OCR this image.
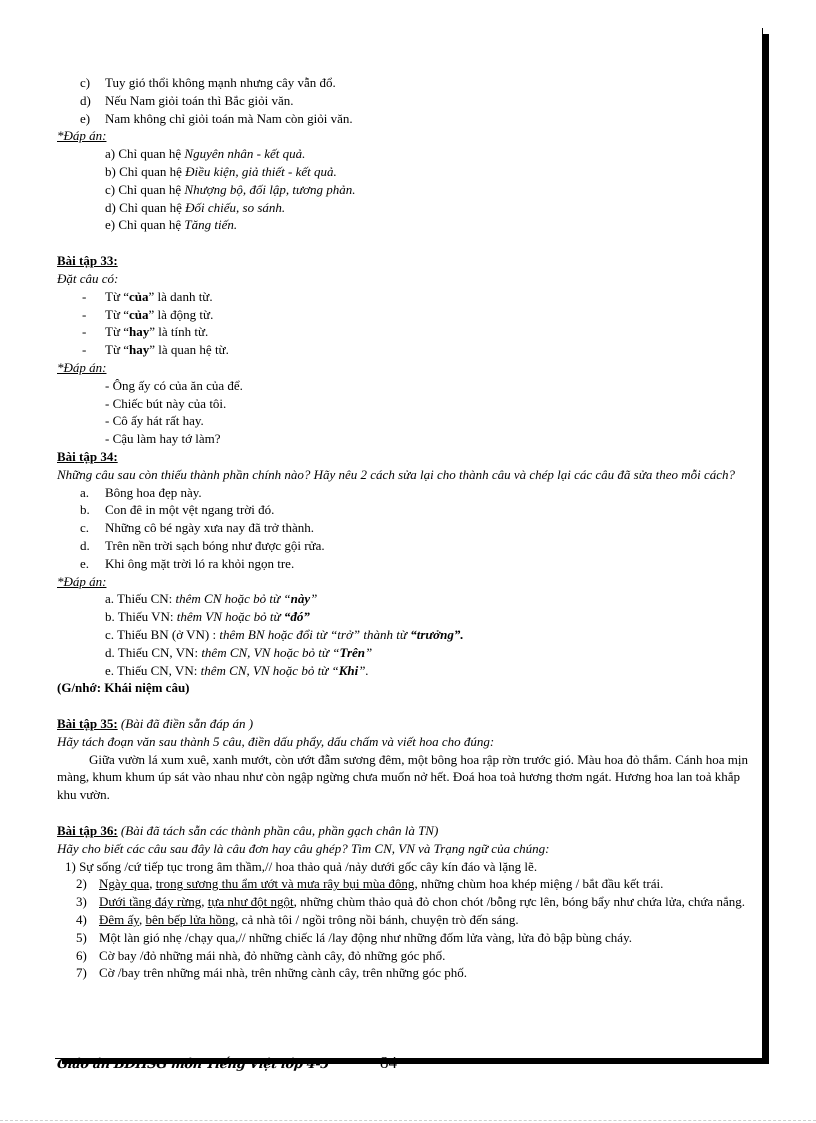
c) Tuy gió thổi không mạnh nhưng cây vẫn đổ.
d) Nếu Nam giỏi toán thì Bắc giỏi văn.
e) Nam không chỉ giỏi toán mà Nam còn giỏi văn.
*Đáp án:
a) Chỉ quan hệ Nguyên nhân - kết quả.
b) Chỉ quan hệ Điều kiện, giả thiết - kết quả.
c) Chỉ quan hệ Nhượng bộ, đối lập, tương phản.
d) Chỉ quan hệ Đối chiếu, so sánh.
e) Chỉ quan hệ Tăng tiến.
Bài tập 33:
Đặt câu có:
- Từ “của” là danh từ.
- Từ “của” là động từ.
- Từ “hay” là tính từ.
- Từ “hay” là quan hệ từ.
*Đáp án:
- Ông ấy có của ăn của để.
- Chiếc bút này của tôi.
- Cô ấy hát rất hay.
- Cậu làm hay tớ làm?
Bài tập 34:
Những câu sau còn thiếu thành phần chính nào? Hãy nêu 2 cách sửa lại cho thành câu và chép lại các câu đã sửa theo mỗi cách?
a. Bông hoa đẹp này.
b. Con đê in một vệt ngang trời đó.
c. Những cô bé ngày xưa nay đã trở thành.
d. Trên nền trời sạch bóng như được gội rửa.
e. Khi ông mặt trời ló ra khỏi ngọn tre.
*Đáp án:
a. Thiếu CN: thêm CN hoặc bỏ từ “này”
b. Thiếu VN: thêm VN hoặc bỏ từ “đó”
c. Thiếu BN (ở VN) : thêm BN hoặc đổi từ “trở” thành từ “trưởng”.
d. Thiếu CN, VN: thêm CN, VN hoặc bỏ từ “Trên”
e. Thiếu CN, VN: thêm CN, VN hoặc bỏ từ “Khi”.
(G/nhớ: Khái niệm câu)
Bài tập 35: (Bài đã điền sẵn đáp án )
Hãy tách đoạn văn sau thành 5 câu, điền dấu phẩy, dấu chấm và viết hoa cho đúng:
Giữa vườn lá xum xuê, xanh mướt, còn ướt đẫm sương đêm, một bông hoa rập rờn trước gió. Màu hoa đỏ thắm. Cánh hoa mịn màng, khum khum úp sát vào nhau như còn ngập ngừng chưa muốn nở hết. Đoá hoa toả hương thơm ngát. Hương hoa lan toả khắp khu vườn.
Bài tập 36: (Bài đã tách sẵn các thành phần câu, phần gạch chân là TN)
Hãy cho biết các câu sau đây là câu đơn hay câu ghép? Tìm CN, VN và Trạng ngữ của chúng:
1) Sự sống /cứ tiếp tục trong âm thầm,// hoa thảo quả /nảy dưới gốc cây kín đáo và lặng lẽ.
2) Ngày qua, trong sương thu ẩm ướt và mưa rây bụi mùa đông, những chùm hoa khép miệng / bắt đầu kết trái.
3) Dưới tầng đáy rừng, tựa như đột ngột, những chùm thảo quả đỏ chon chót /bỗng rực lên, bóng bẩy như chứa lửa, chứa nắng.
4) Đêm ấy, bên bếp lửa hồng, cả nhà tôi / ngồi trông nồi bánh, chuyện trò đến sáng.
5) Một làn gió nhẹ /chạy qua,// những chiếc lá /lay động như những đốm lửa vàng, lửa đỏ bập bùng cháy.
6) Cờ bay /đỏ những mái nhà, đỏ những cành cây, đỏ những góc phố.
7) Cờ /bay trên những mái nhà, trên những cành cây, trên những góc phố.
Giáo án BDHSG môn Tiếng Việt lớp 4-5	84
